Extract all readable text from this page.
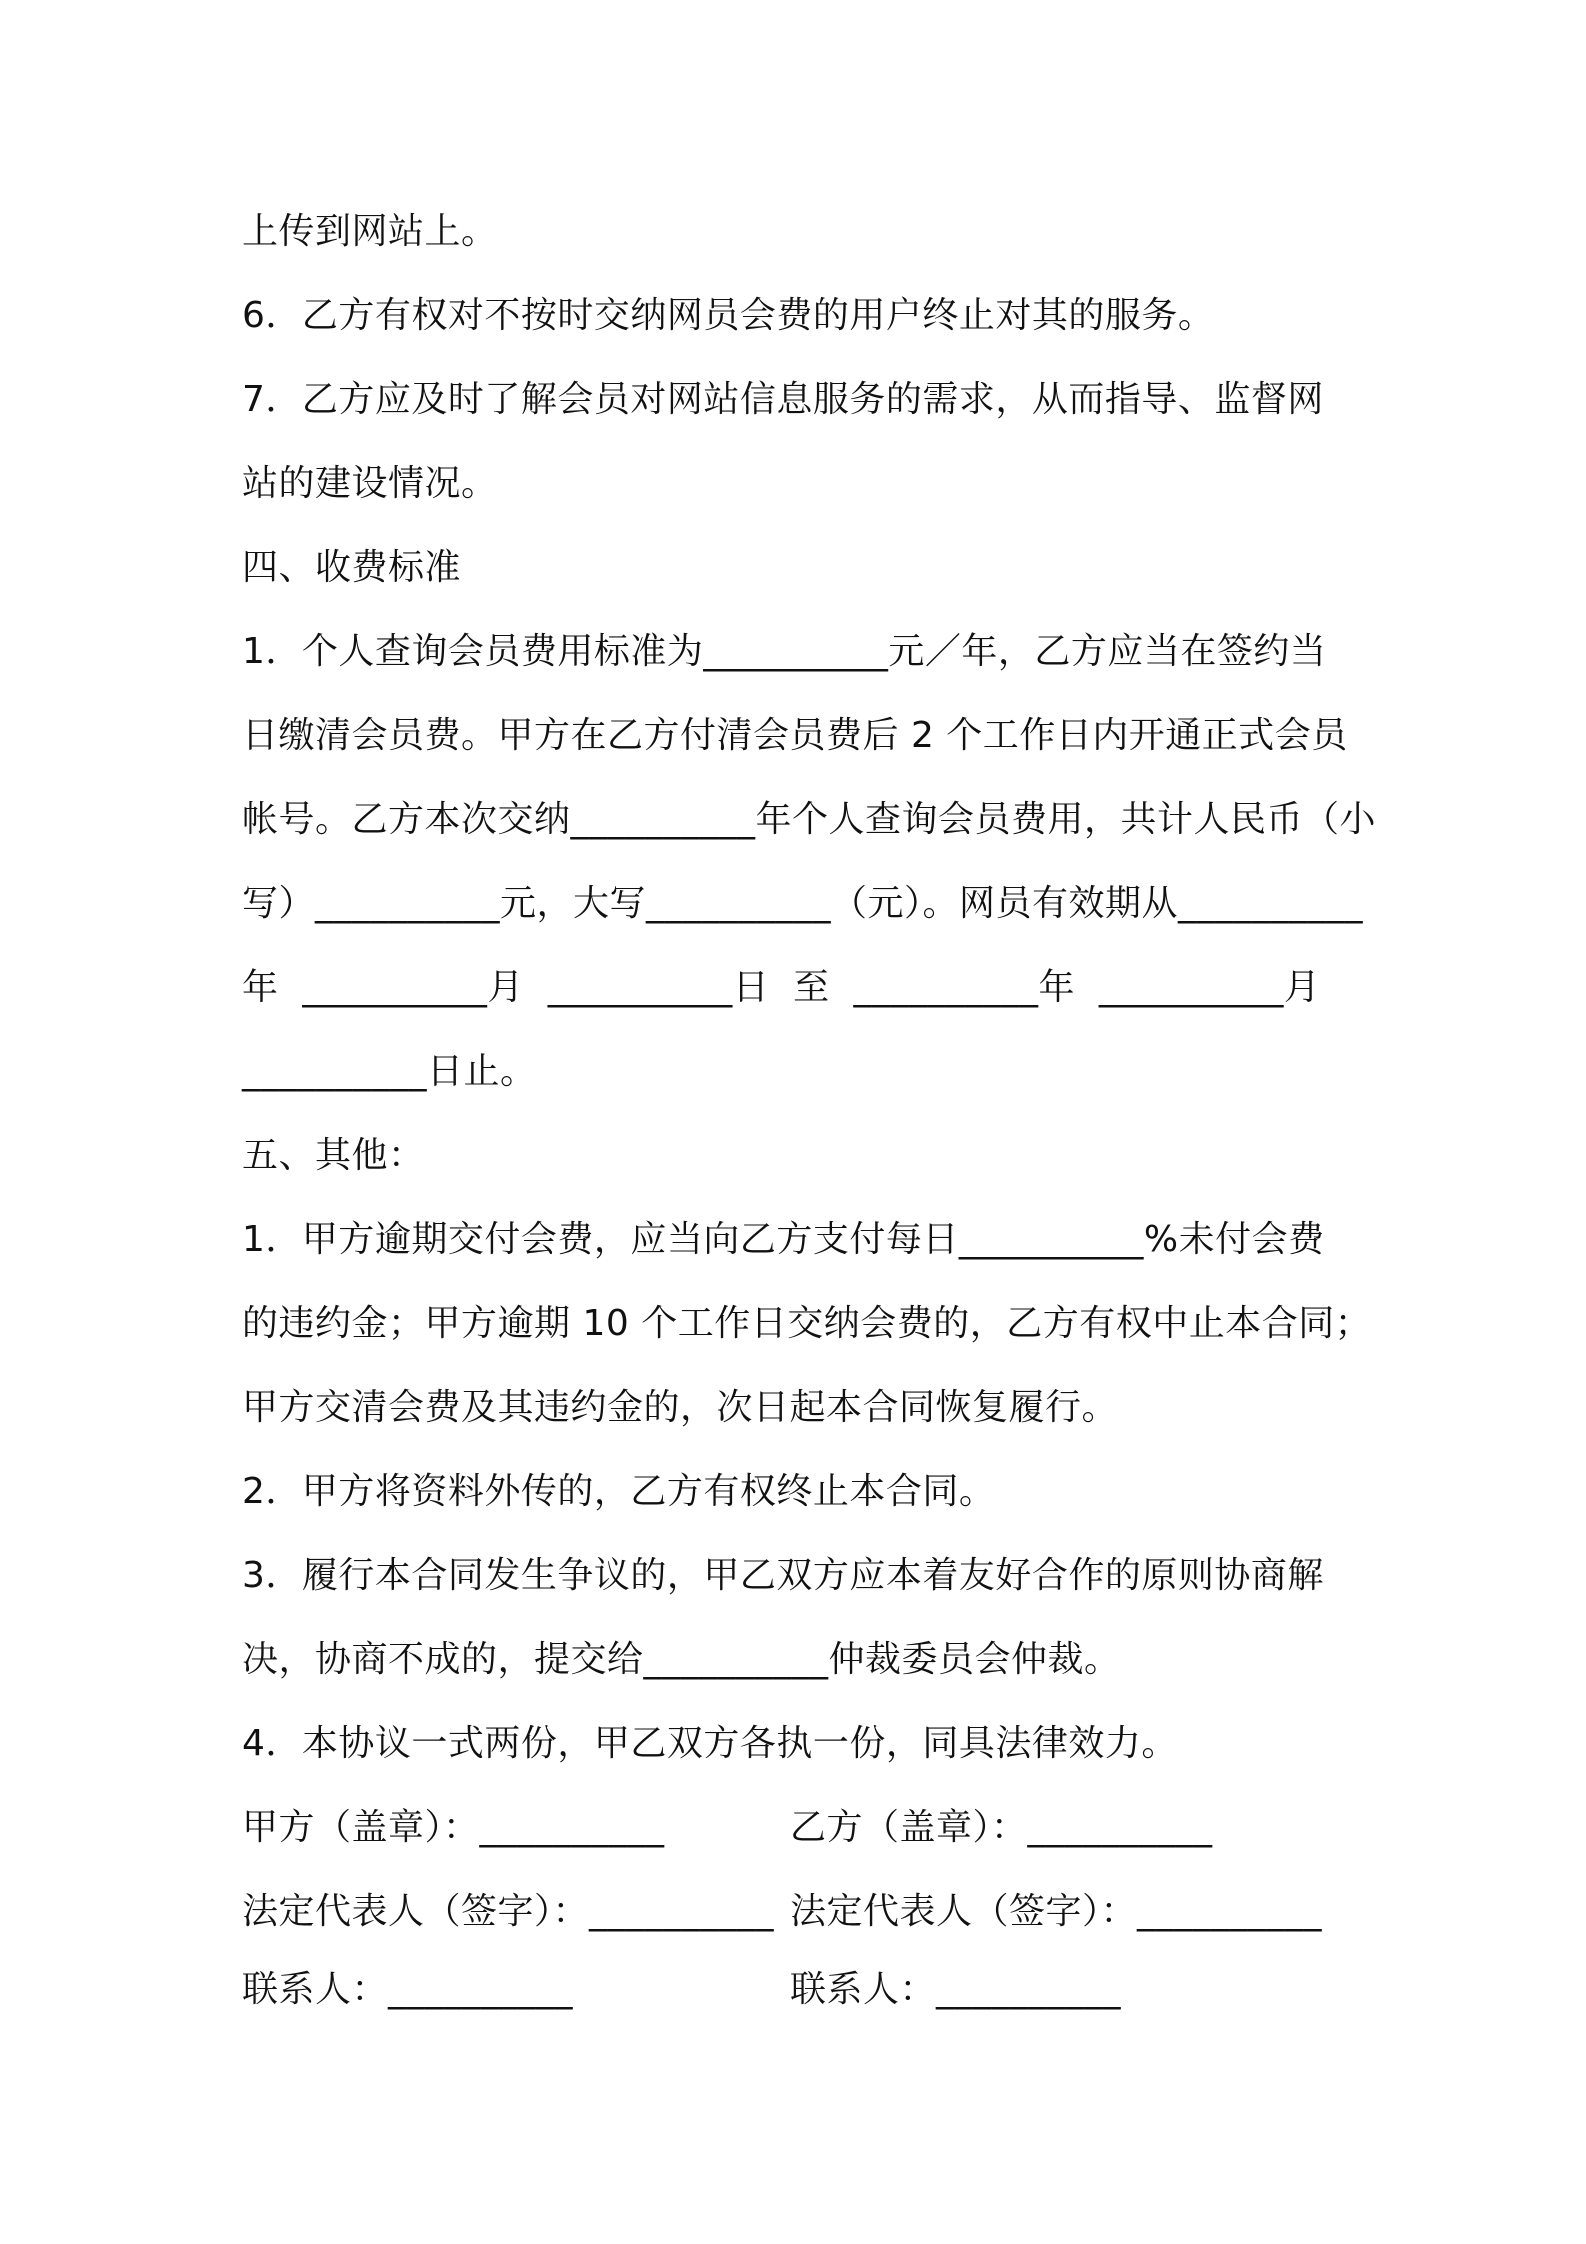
上传到网站上。
6．乙方有权对不按时交纳网员会费的用户终止对其的服务。
7．乙方应及时了解会员对网站信息服务的需求，从而指导、监督网
站的建设情况。
四、收费标准
1．个人查询会员费用标准为__________元／年，乙方应当在签约当
日缴清会员费。甲方在乙方付清会员费后 2 个工作日内开通正式会员
帐号。乙方本次交纳__________年个人查询会员费用，共计人民币（小
写）__________元，大写__________（元）。网员有效期从__________
年  __________月  __________日  至  __________年  __________月
__________日止。
五、其他：
1．甲方逾期交付会费，应当向乙方支付每日__________%未付会费
的违约金；甲方逾期 10 个工作日交纳会费的，乙方有权中止本合同；
甲方交清会费及其违约金的，次日起本合同恢复履行。
2．甲方将资料外传的，乙方有权终止本合同。
3．履行本合同发生争议的，甲乙双方应本着友好合作的原则协商解
决，协商不成的，提交给__________仲裁委员会仲裁。
4．本协议一式两份，甲乙双方各执一份，同具法律效力。
甲方（盖章）：__________	乙方（盖章）：__________
法定代表人（签字）：__________ 法定代表人（签字）：__________
联系人：__________	联系人：__________
